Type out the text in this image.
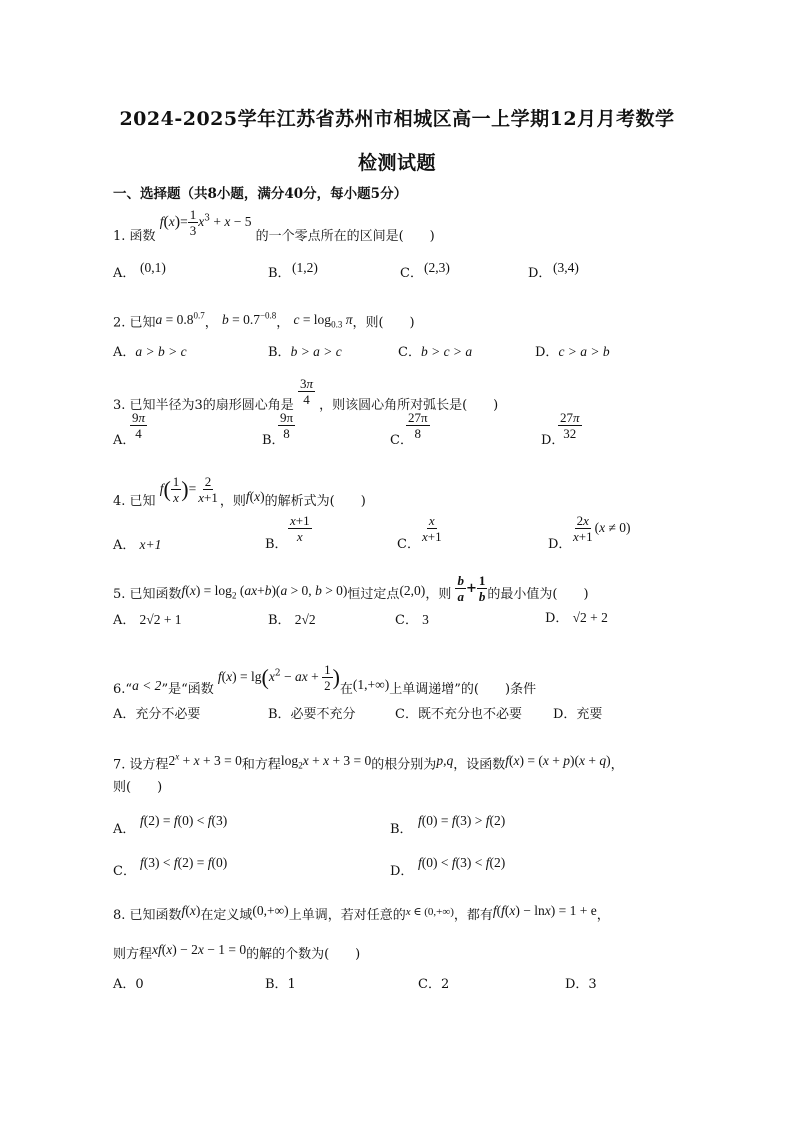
2024-2025学年江苏省苏州市相城区高一上学期12月月考数学
检测试题
一、选择题（共8小题，满分40分，每小题5分）
1. 函数 $f(x)= \frac{1}{3} x^3 + x - 5$ 的一个零点所在的区间是(　　)
A． (0,1)	B． (1,2)	C． (2,3)	D． (3,4)
2. 已知$a = 0.8^{0.7}$， $b = 0.7^{-0.8}$， $c = \log_{0.3} \pi$，则(　　)
A．a > b > c	B．b > a > c	C．b > c > a	D．c > a > b
3. 已知半径为3的扇形圆心角是 $\frac{3\pi}{4}$ ，则该圆心角所对弧长是(　　)
A．
$\frac{9\pi}{4}$	B．
$\frac{9\pi}{8}$	C．
$\frac{27\pi}{8}$	D．
$\frac{27\pi}{32}$
4. 已知 $f( \frac{1}{x}$ )= $\frac{2}{x+1}$ ，则f(x)的解析式为(　　)
A． x+1	B．
$\frac{x+1}{x}$
C．
$\frac{x}{x+1}$
D．
$\frac{2x}{x+1} (x \ne 0)$
5. 已知函数$f(x) = \log_2 (ax+b)(a > 0$, b > 0)恒过定点(2,0)，则 $\frac{b}{a} + \frac{1}{b}$ 的最小值为(　　)
A． 2√2 + 1	B． 2√2	C． 3	D． √2 + 2
6.“a < 2”是“函数 $f(x) = \lg(x^2$ − ax + $\frac{1}{2}$ )在(1,+∞)上单调递增”的(　　)条件
A．充分不必要	B．必要不充分	C．既不充分也不必要 D．充要
7. 设方程$2^x + x + 3 = 0$和方程$\log_2x + x + 3 = 0$的根分别为p,q，设函数f(x) = (x + p)(x + q)，
则(　　)
A．
f(2) = f(0) < f(3)
B．
f(0) = f(3) > f(2)
C．
f(3) < f(2) = f(0)
D．
f(0) < f(3) < f(2)
8. 已知函数f(x)在定义域(0,+∞)上单调，若对任意的$^{x \in (0,+\infty)}$，都有f(f(x) − lnx) = 1 + e，
则方程xf(x) − 2x − 1 = 0的解的个数为(　　)
A．0	B．1	C．2	D．3
